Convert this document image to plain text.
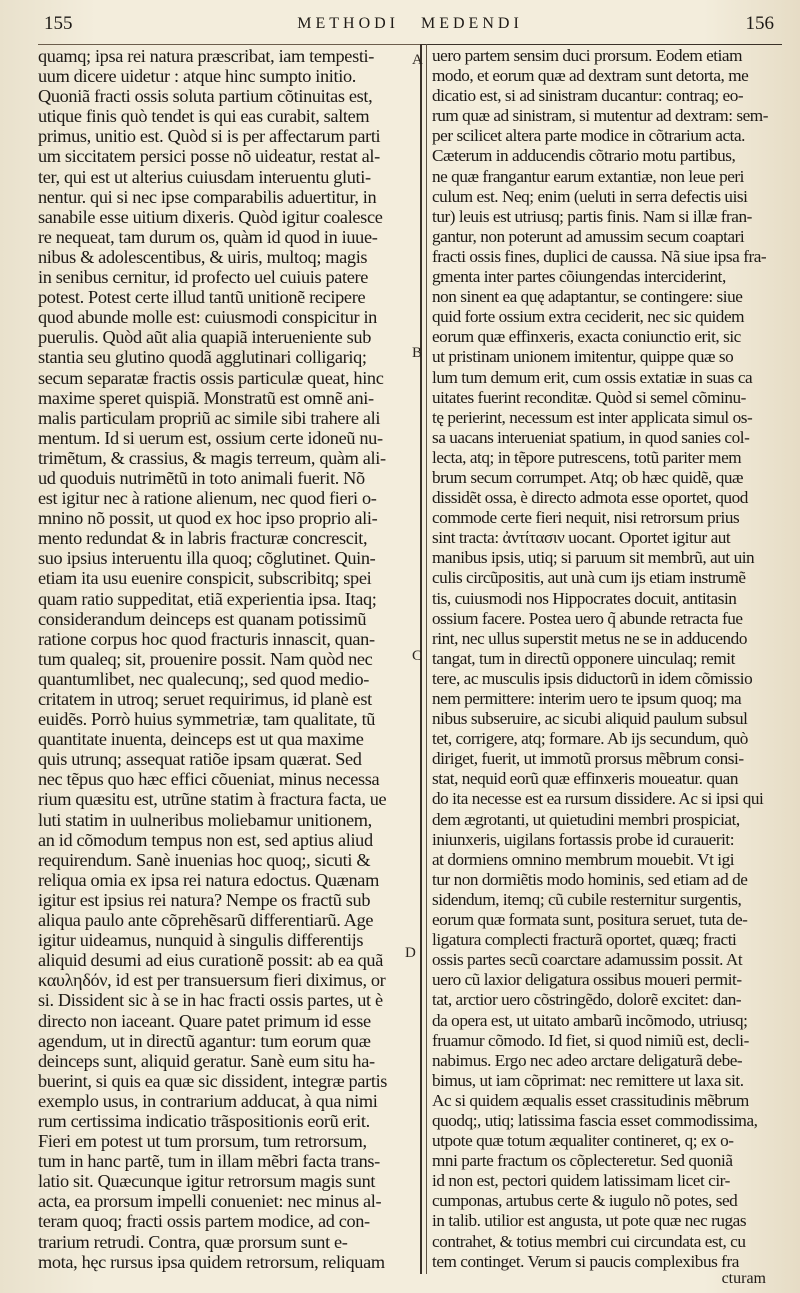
155	METHODI MEDENDI	156
A
B
C
D
quamq; ipsa rei natura præscribat, iam tempesti-
uum dicere uidetur : atque hinc sumpto initio.
Quoniã fracti ossis soluta partium cõtinuitas est,
utique finis quò tendet is qui eas curabit, saltem
primus, unitio est. Quòd si is per affectarum parti
um siccitatem persici posse nõ uideatur, restat al-
ter, qui est ut alterius cuiusdam interuentu gluti-
nentur. qui si nec ipse comparabilis aduertitur, in
sanabile esse uitium dixeris. Quòd igitur coalesce
re nequeat, tam durum os, quàm id quod in iuue-
nibus & adolescentibus, & uiris, multoq; magis
in senibus cernitur, id profecto uel cuiuis patere
potest. Potest certe illud tantũ unitionẽ recipere
quod abunde molle est: cuiusmodi conspicitur in
puerulis. Quòd aũt alia quapiã interueniente sub
stantia seu glutino quodã agglutinari colligariq;
secum separatæ fractis ossis particulæ queat, hinc
maxime speret quispiã. Monstratũ est omnẽ ani-
malis particulam propriũ ac simile sibi trahere ali
mentum. Id si uerum est, ossium certe idoneũ nu-
trimẽtum, & crassius, & magis terreum, quàm ali-
ud quoduis nutrimẽtũ in toto animali fuerit. Nõ
est igitur nec à ratione alienum, nec quod fieri o-
mnino nõ possit, ut quod ex hoc ipso proprio ali-
mento redundat & in labris fracturæ concrescit,
suo ipsius interuentu illa quoq; cõglutinet. Quin-
etiam ita usu euenire conspicit, subscribitq; spei
quam ratio suppeditat, etiã experientia ipsa. Itaq;
considerandum deinceps est quanam potissimũ
ratione corpus hoc quod fracturis innascit, quan-
tum qualeq; sit, prouenire possit. Nam quòd nec
quantumlibet, nec qualecunq;, sed quod medio-
critatem in utroq; seruet requirimus, id planè est
euidẽs. Porrò huius symmetriæ, tam qualitate, tũ
quantitate inuenta, deinceps est ut qua maxime
quis utrunq; assequat ratiõe ipsam quærat. Sed
nec tẽpus quo hæc effici cõueniat, minus necessa
rium quæsitu est, utrũne statim à fractura facta, ue
luti statim in uulneribus moliebamur unitionem,
an id cõmodum tempus non est, sed aptius aliud
requirendum. Sanè inuenias hoc quoq;, sicuti &
reliqua omia ex ipsa rei natura edoctus. Quænam
igitur est ipsius rei natura? Nempe os fractũ sub
aliqua paulo ante cõprehẽsarũ differentiarũ. Age
igitur uideamus, nunquid à singulis differentijs
aliquid desumi ad eius curationẽ possit: ab ea quã
καυληδόν, id est per transuersum fieri diximus, or
si. Dissident sic à se in hac fracti ossis partes, ut è
directo non iaceant. Quare patet primum id esse
agendum, ut in directũ agantur: tum eorum quæ
deinceps sunt, aliquid geratur. Sanè eum situ ha-
buerint, si quis ea quæ sic dissident, integræ partis
exemplo usus, in contrarium adducat, à qua nimi
rum certissima indicatio trãspositionis eorũ erit.
Fieri em potest ut tum prorsum, tum retrorsum,
tum in hanc partẽ, tum in illam mẽbri facta trans-
latio sit. Quæcunque igitur retrorsum magis sunt
acta, ea prorsum impelli conueniet: nec minus al-
teram quoq; fracti ossis partem modice, ad con-
trarium retrudi. Contra, quæ prorsum sunt e-
mota, hęc rursus ipsa quidem retrorsum, reliquam
uero partem sensim duci prorsum. Eodem etiam
modo, et eorum quæ ad dextram sunt detorta, me
dicatio est, si ad sinistram ducantur: contraq; eo-
rum quæ ad sinistram, si mutentur ad dextram: sem-
per scilicet altera parte modice in cõtrarium acta.
Cæterum in adducendis cõtrario motu partibus,
ne quæ frangantur earum extantiæ, non leue peri
culum est. Neq; enim (ueluti in serra defectis uisi
tur) leuis est utriusq; partis finis. Nam si illæ fran-
gantur, non poterunt ad amussim secum coaptari
fracti ossis fines, duplici de caussa. Nã siue ipsa fra-
gmenta inter partes cõiungendas interciderint,
non sinent ea quę adaptantur, se contingere: siue
quid forte ossium extra ceciderit, nec sic quidem
eorum quæ effinxeris, exacta coniunctio erit, sic
ut pristinam unionem imitentur, quippe quæ so
lum tum demum erit, cum ossis extatiæ in suas ca
uitates fuerint reconditæ. Quòd si semel cõminu-
tę perierint, necessum est inter applicata simul os-
sa uacans interueniat spatium, in quod sanies col-
lecta, atq; in tẽpore putrescens, totũ pariter mem
brum secum corrumpet. Atq; ob hæc quidẽ, quæ
dissidẽt ossa, è directo admota esse oportet, quod
commode certe fieri nequit, nisi retrorsum prius
sint tracta: ἀντίτασιν uocant. Oportet igitur aut
manibus ipsis, utiq; si paruum sit membrũ, aut uin
culis circũpositis, aut unà cum ijs etiam instrumẽ
tis, cuiusmodi nos Hippocrates docuit, antitasin
ossium facere. Postea uero q̃ abunde retracta fue
rint, nec ullus superstit metus ne se in adducendo
tangat, tum in directũ opponere uinculaq; remit
tere, ac musculis ipsis diductorũ in idem cõmissio
nem permittere: interim uero te ipsum quoq; ma
nibus subseruire, ac sicubi aliquid paulum subsul
tet, corrigere, atq; formare. Ab ijs secundum, quò
diriget, fuerit, ut immotũ prorsus mẽbrum consi-
stat, nequid eorũ quæ effinxeris moueatur. quan
do ita necesse est ea rursum dissidere. Ac si ipsi qui
dem ægrotanti, ut quietudini membri prospiciat,
iniunxeris, uigilans fortassis probe id curauerit:
at dormiens omnino membrum mouebit. Vt igi
tur non dormiẽtis modo hominis, sed etiam ad de
sidendum, itemq; cũ cubile resternitur surgentis,
eorum quæ formata sunt, positura seruet, tuta de-
ligatura complecti fracturã oportet, quæq; fracti
ossis partes secũ coarctare adamussim possit. At
uero cũ laxior deligatura ossibus moueri permit-
tat, arctior uero cõstringẽdo, dolorẽ excitet: dan-
da opera est, ut uitato ambarũ incõmodo, utriusq;
fruamur cõmodo. Id fiet, si quod nimiũ est, decli-
nabimus. Ergo nec adeo arctare deligaturã debe-
bimus, ut iam cõprimat: nec remittere ut laxa sit.
Ac si quidem æqualis esset crassitudinis mẽbrum
quodq;, utiq; latissima fascia esset commodissima,
utpote quæ totum æqualiter contineret, q; ex o-
mni parte fractum os cõplecteretur. Sed quoniã
id non est, pectori quidem latissimam licet cir-
cumponas, artubus certe & iugulo nõ potes, sed
in talib. utilior est angusta, ut pote quæ nec rugas
contrahet, & totius membri cui circundata est, cu
tem continget. Verum si paucis complexibus fra
cturam
